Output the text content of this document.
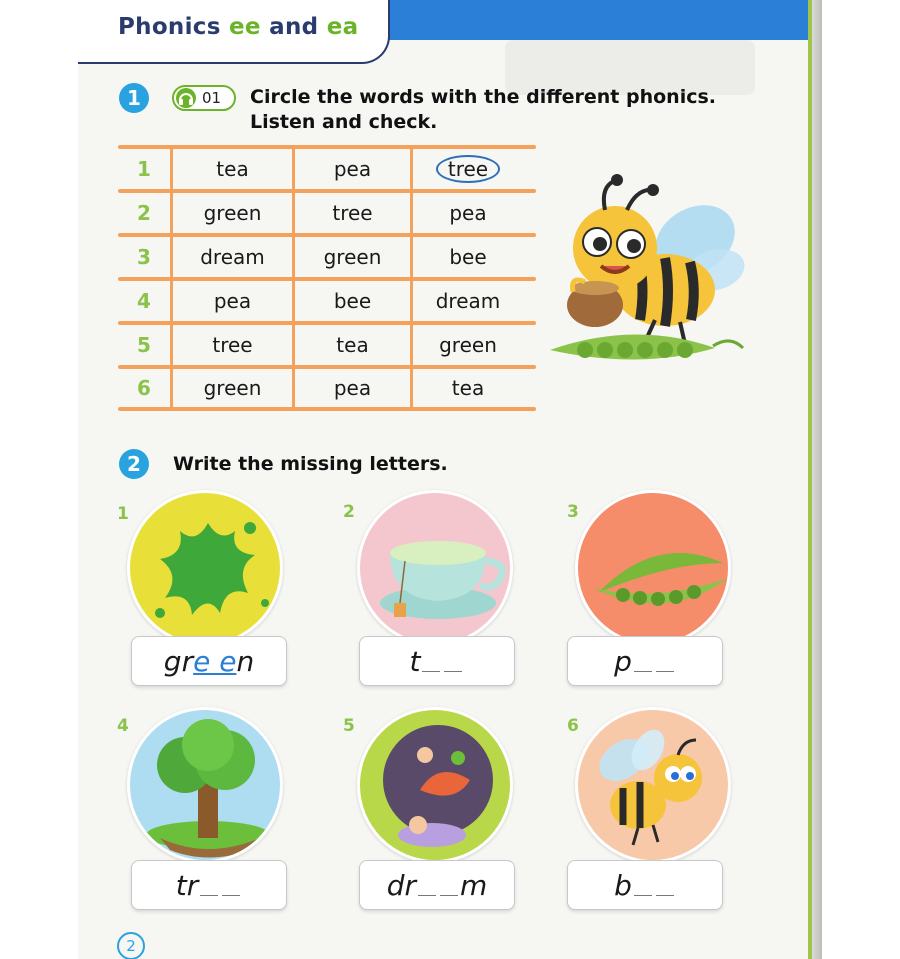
Phonics ee and ea
1	01 Circle the words with the different phonics.
Listen and check.
1	tea	pea	tree
2	green	tree	pea
3	dream	green	bee
4	pea	bee	dream
5	tree	tea	green
6	green	pea	tea
2	Write the missing letters.
1
gr e e n
2
t
3
p
4
tr
5
dr m
6
b
2
